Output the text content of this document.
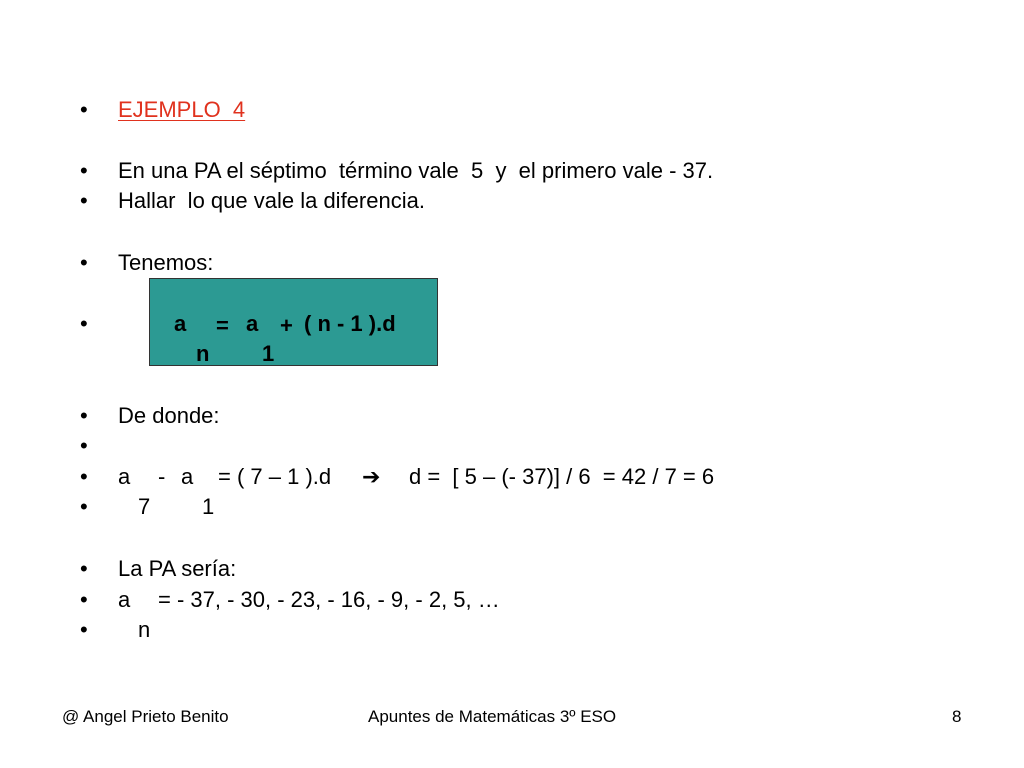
•

	EJEMPLO  4

•

	En una PA el séptimo  término vale  5  y  el primero vale - 37.

•

	Hallar  lo que vale la diferencia.

•

	Tenemos:

•	a
n
= a
1
+ ( n - 1 ).d

•

	De donde:

•

•

	a

-

a

= ( 7 – 1 ).d

➔

d =  [ 5 – (- 37)] / 6  = 42 / 7 = 6

•

	7

1

•

	La PA sería:

•

	a

= - 37, - 30, - 23, - 16, - 9, - 2, 5, …

•

	n

@ Angel Prieto Benito	Apuntes de Matemáticas 3º ESO	8
